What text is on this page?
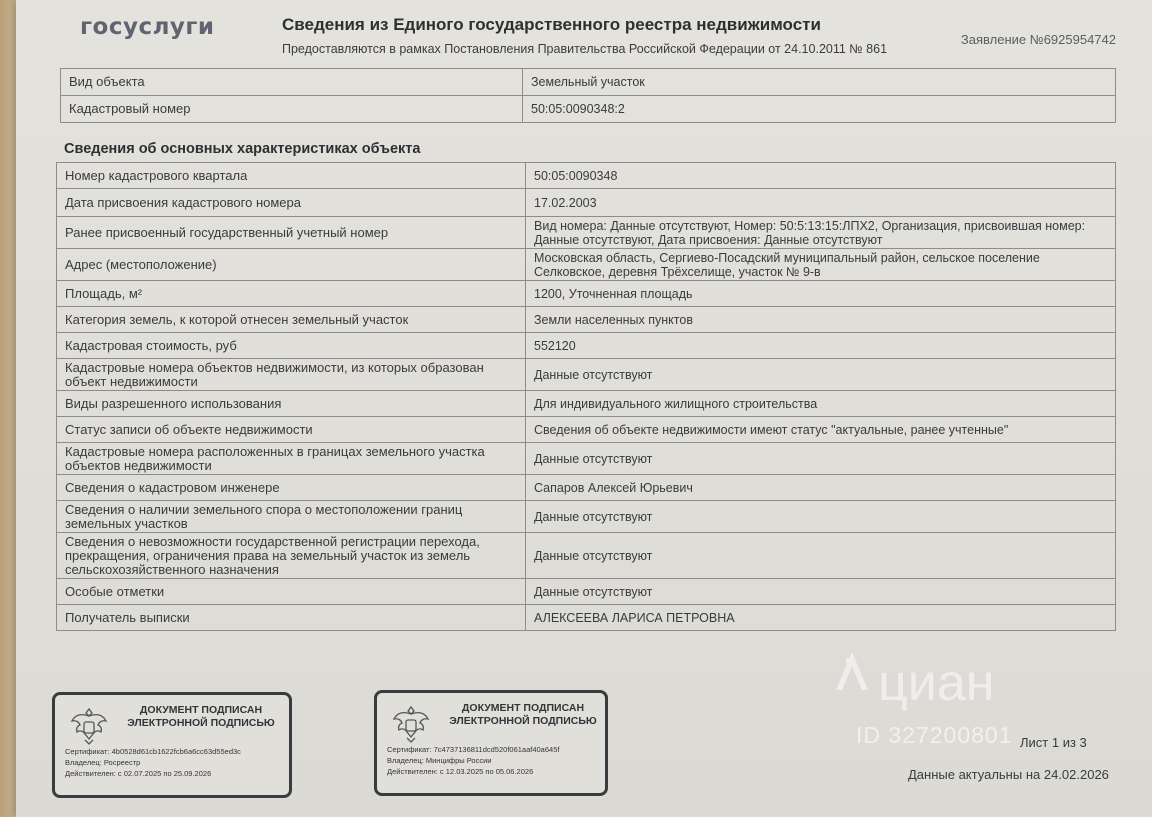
госуслуги	Сведения из Единого государственного реестра недвижимости
Предоставляются в рамках Постановления Правительства Российской Федерации от 24.10.2011 № 861
Заявление №6925954742
Вид объекта	Земельный участок
Кадастровый номер	50:05:0090348:2
Сведения об основных характеристиках объекта
Номер кадастрового квартала	50:05:0090348
Дата присвоения кадастрового номера	17.02.2003
Ранее присвоенный государственный учетный номер	Вид номера: Данные отсутствуют, Номер: 50:5:13:15:ЛПХ2, Организация, присвоившая номер: Данные отсутствуют, Дата присвоения: Данные отсутствуют
Адрес (местоположение)	Московская область, Сергиево-Посадский муниципальный район, сельское поселение Селковское, деревня Трёхселище, участок № 9-в
Площадь, м²	1200, Уточненная площадь
Категория земель, к которой отнесен земельный участок	Земли населенных пунктов
Кадастровая стоимость, руб	552120
Кадастровые номера объектов недвижимости, из которых образован объект недвижимости	Данные отсутствуют
Виды разрешенного использования	Для индивидуального жилищного строительства
Статус записи об объекте недвижимости	Сведения об объекте недвижимости имеют статус "актуальные, ранее учтенные"
Кадастровые номера расположенных в границах земельного участка объектов недвижимости	Данные отсутствуют
Сведения о кадастровом инженере	Сапаров Алексей Юрьевич
Сведения о наличии земельного спора о местоположении границ земельных участков	Данные отсутствуют
Сведения о невозможности государственной регистрации перехода, прекращения, ограничения права на земельный участок из земель сельскохозяйственного назначения	Данные отсутствуют
Особые отметки	Данные отсутствуют
Получатель выписки	АЛЕКСЕЕВА ЛАРИСА ПЕТРОВНА
ДОКУМЕНТ ПОДПИСАН ЭЛЕКТРОННОЙ ПОДПИСЬЮ
Сертификат: 4b0528d61cb1622fcb6a6cc63d55ed3c
Владелец: Росреестр
Действителен: с 02.07.2025 по 25.09.2026
ДОКУМЕНТ ПОДПИСАН ЭЛЕКТРОННОЙ ПОДПИСЬЮ
Сертификат: 7c4737136811dcd520f061aaf40a645f
Владелец: Минцифры России
Действителен: с 12.03.2025 по 05.06.2026
циан
ID 327200801 Лист 1 из 3
Данные актуальны на 24.02.2026
